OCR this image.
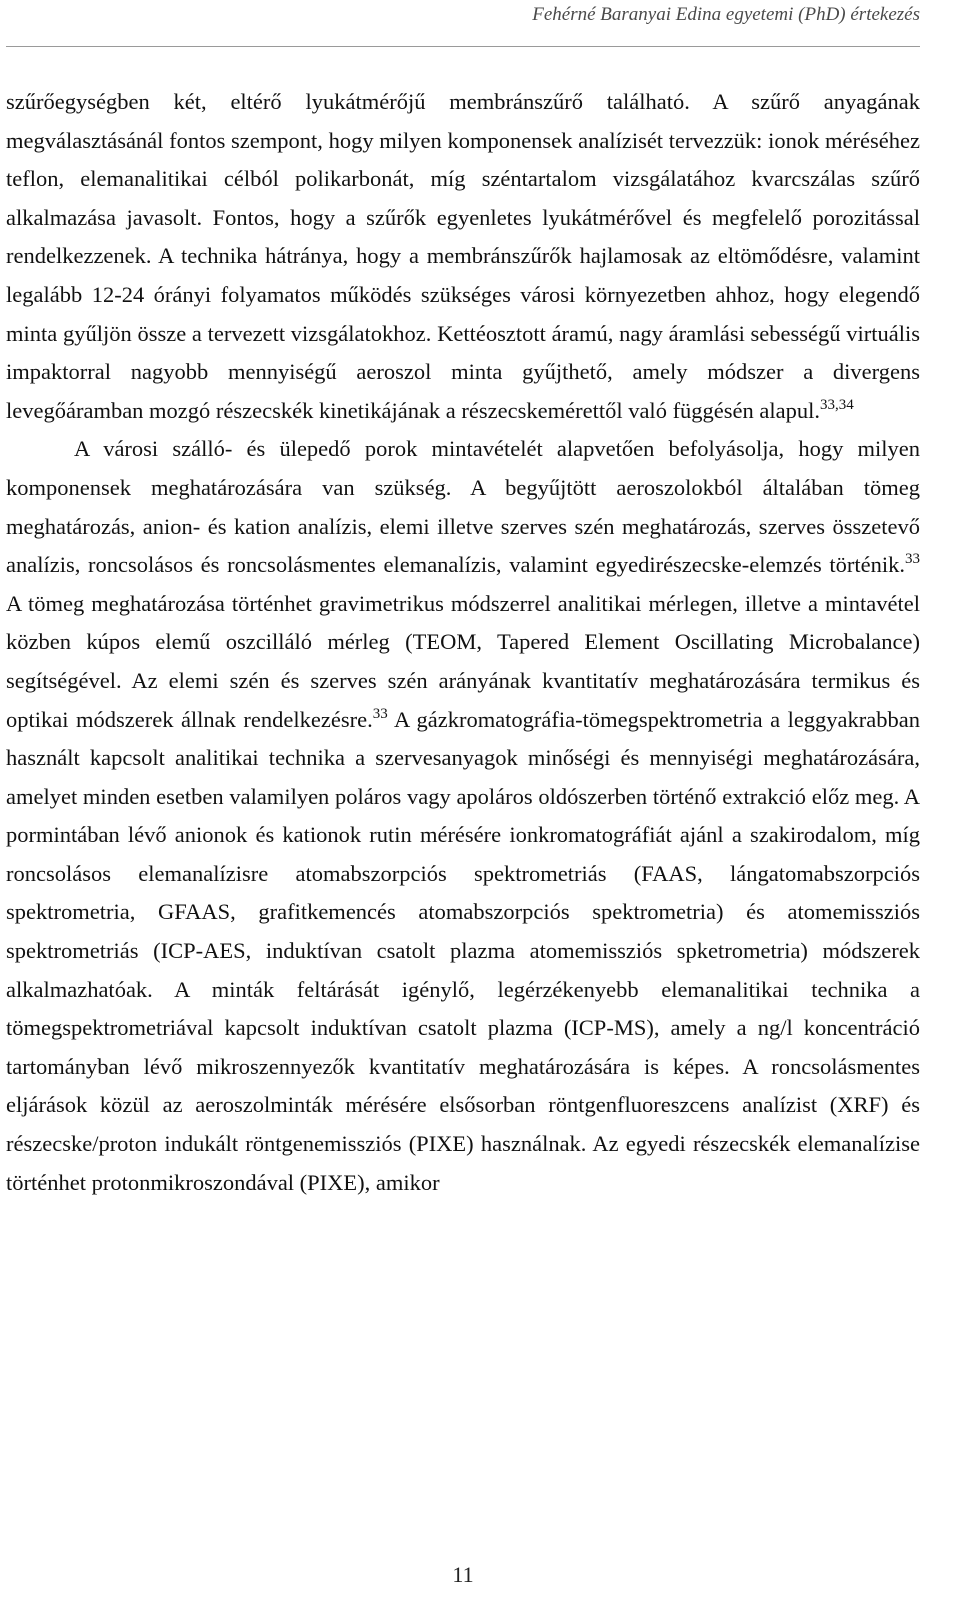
Fehérné Baranyai Edina egyetemi (PhD) értekezés

szűrőegységben két, eltérő lyukátmérőjű membránszűrő található. A szűrő anyagának megválasztásánál fontos szempont, hogy milyen komponensek analízisét tervezzük: ionok méréséhez teflon, elemanalitikai célból polikarbonát, míg széntartalom vizsgálatához kvarcszálas szűrő alkalmazása javasolt. Fontos, hogy a szűrők egyenletes lyukátmérővel és megfelelő porozitással rendelkezzenek. A technika hátránya, hogy a membránszűrők hajlamosak az eltömődésre, valamint legalább 12-24 órányi folyamatos működés szükséges városi környezetben ahhoz, hogy elegendő minta gyűljön össze a tervezett vizsgálatokhoz. Kettéosztott áramú, nagy áramlási sebességű virtuális impaktorral nagyobb mennyiségű aeroszol minta gyűjthető, amely módszer a divergens levegőáramban mozgó részecskék kinetikájának a részecskemérettől való függésén alapul.$^{33,34}$

A városi szálló- és ülepedő porok mintavételét alapvetően befolyásolja, hogy milyen komponensek meghatározására van szükség. A begyűjtött aeroszolokból általában tömeg meghatározás, anion- és kation analízis, elemi illetve szerves szén meghatározás, szerves összetevő analízis, roncsolásos és roncsolásmentes elemanalízis, valamint egyedirészecske-elemzés történik.$^{33}$ A tömeg meghatározása történhet gravimetrikus módszerrel analitikai mérlegen, illetve a mintavétel közben kúpos elemű oszcilláló mérleg (TEOM, Tapered Element Oscillating Microbalance) segítségével. Az elemi szén és szerves szén arányának kvantitatív meghatározására termikus és optikai módszerek állnak rendelkezésre.$^{33}$ A gázkromatográfia-tömegspektrometria a leggyakrabban használt kapcsolt analitikai technika a szervesanyagok minőségi és mennyiségi meghatározására, amelyet minden esetben valamilyen poláros vagy apoláros oldószerben történő extrakció előz meg. A pormintában lévő anionok és kationok rutin mérésére ionkromatográfiát ajánl a szakirodalom, míg roncsolásos elemanalízisre atomabszorpciós spektrometriás (FAAS, lángatomabszorpciós spektrometria, GFAAS, grafitkemencés atomabszorpciós spektrometria) és atomemissziós spektrometriás (ICP-AES, induktívan csatolt plazma atomemissziós spketrometria) módszerek alkalmazhatóak. A minták feltárását igénylő, legérzékenyebb elemanalitikai technika a tömegspektrometriával kapcsolt induktívan csatolt plazma (ICP-MS), amely a ng/l koncentráció tartományban lévő mikroszennyezők kvantitatív meghatározására is képes. A roncsolásmentes eljárások közül az aeroszolminták mérésére elsősorban röntgenfluoreszcens analízist (XRF) és részecske/proton indukált röntgenemissziós (PIXE) használnak. Az egyedi részecskék elemanalízise történhet protonmikroszondával (PIXE), amikor

11
